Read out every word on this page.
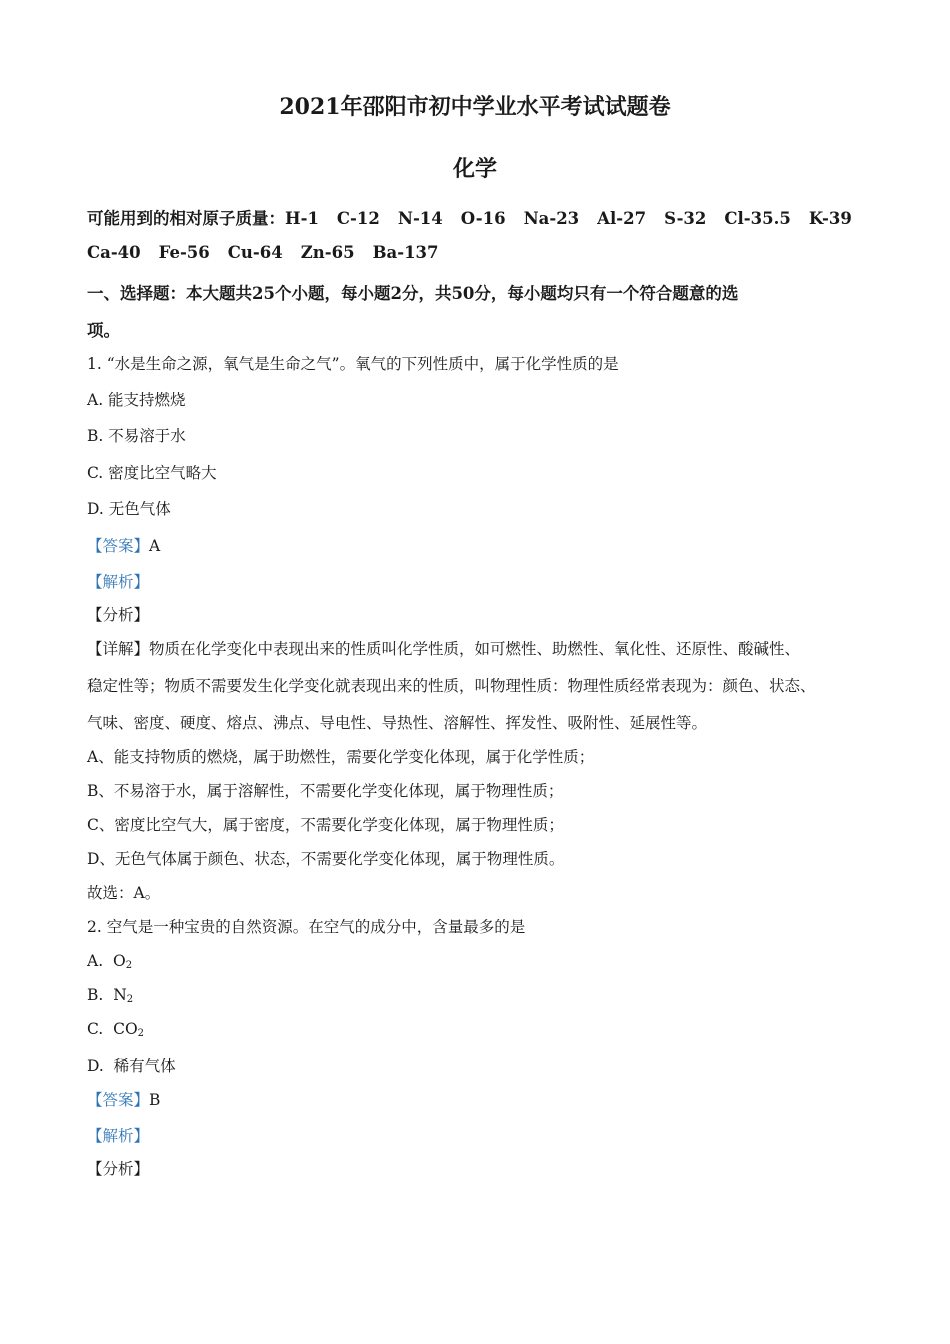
2021年邵阳市初中学业水平考试试题卷
化学
可能用到的相对原子质量：H-1 C-12 N-14 O-16 Na-23 Al-27 S-32 Cl-35.5 K-39
Ca-40 Fe-56 Cu-64 Zn-65 Ba-137
一、选择题：本大题共25个小题，每小题2分，共50分，每小题均只有一个符合题意的选
项。
1. “水是生命之源，氧气是生命之气”。氧气的下列性质中，属于化学性质的是
A. 能支持燃烧
B. 不易溶于水
C. 密度比空气略大
D. 无色气体
【答案】A
【解析】
【分析】
【详解】物质在化学变化中表现出来的性质叫化学性质，如可燃性、助燃性、氧化性、还原性、酸碱性、
稳定性等；物质不需要发生化学变化就表现出来的性质，叫物理性质：物理性质经常表现为：颜色、状态、
气味、密度、硬度、熔点、沸点、导电性、导热性、溶解性、挥发性、吸附性、延展性等。
A、能支持物质的燃烧，属于助燃性，需要化学变化体现，属于化学性质；
B、不易溶于水，属于溶解性，不需要化学变化体现，属于物理性质；
C、密度比空气大，属于密度，不需要化学变化体现，属于物理性质；
D、无色气体属于颜色、状态，不需要化学变化体现，属于物理性质。
故选：A。
2. 空气是一种宝贵的自然资源。在空气的成分中，含量最多的是
A. $O_2$
B. $N_2$
C. $CO_2$
D. 稀有气体
【答案】B
【解析】
【分析】
